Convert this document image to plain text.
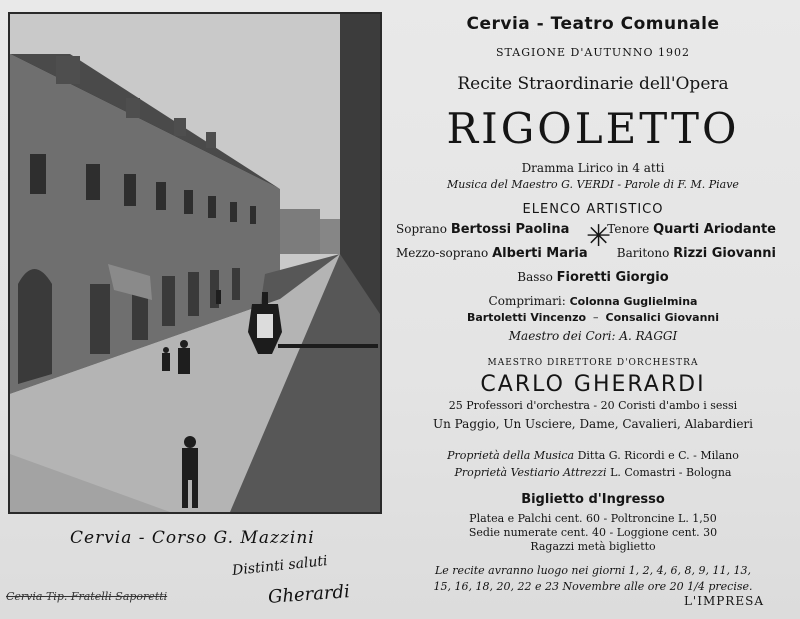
Cervia - Corso G. Mazzini
Cervia Tip. Fratelli Saporetti
Distinti saluti
Gherardi
Cervia - Teatro Comunale
STAGIONE D'AUTUNNO 1902
Recite Straordinarie dell'Opera
RIGOLETTO
Dramma Lirico in 4 atti
Musica del Maestro G. VERDI - Parole di F. M. Piave
ELENCO ARTISTICO
Soprano Bertossi Paolina	Tenore Quarti Ariodante
✳
Mezzo-soprano Alberti Maria Baritono Rizzi Giovanni
Basso Fioretti Giorgio
Comprimari: Colonna Guglielmina
Bartoletti Vincenzo  –  Consalici Giovanni
Maestro dei Cori: A. RAGGI
MAESTRO DIRETTORE D'ORCHESTRA
CARLO GHERARDI
25 Professori d'orchestra - 20 Coristi d'ambo i sessi
Un Paggio, Un Usciere, Dame, Cavalieri, Alabardieri
Proprietà della Musica Ditta G. Ricordi e C. - Milano
Proprietà Vestiario Attrezzi L. Comastri - Bologna
Biglietto d'Ingresso
Platea e Palchi cent. 60 - Poltroncine L. 1,50
Sedie numerate cent. 40 - Loggione cent. 30
Ragazzi metà biglietto
Le recite avranno luogo nei giorni 1, 2, 4, 6, 8, 9, 11, 13,
15, 16, 18, 20, 22 e 23 Novembre alle ore 20 1/4 precise.
L'IMPRESA
